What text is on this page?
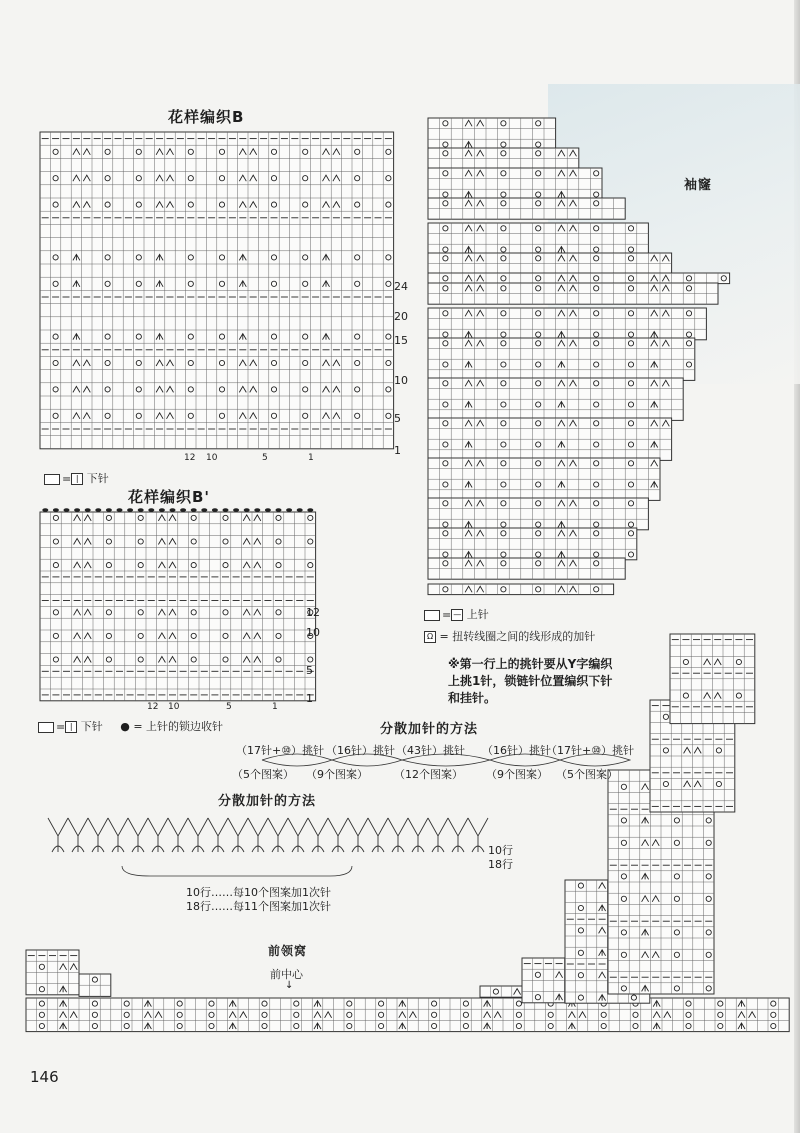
花样编织B
24
20
15
10
5
1
12 10	5	1
= | 下针
花样编织B'
12
10
5
1
12 10	5	1
= | 下针 ● = 上针的锁边收针
袖窿
= — 上针
Ω = 扭转线圈之间的线形成的加针
※第一行上的挑针要从Y字编织上挑1针，锁链针位置编织下针和挂针。
分散加针的方法
（17针+⑩）挑针 （16针）挑针 （43针）挑针 （16针）挑针
（17针+⑩）挑针
（5个图案） （9个图案） （12个图案） （9个图案） （5个图案）
分散加针的方法
10行
18行
10行……每10个图案加1次针
18行……每11个图案加1次针
前领窝
前中心
↓
146
